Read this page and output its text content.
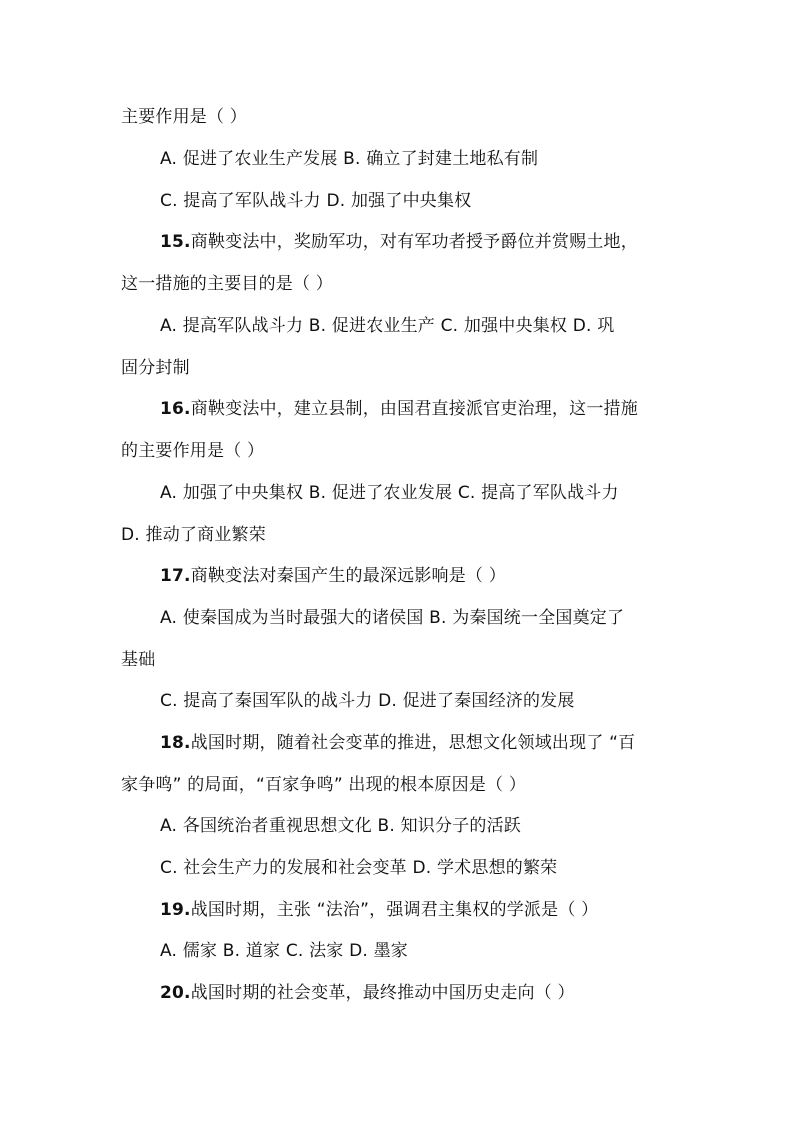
主要作用是（ ）
A. 促进了农业生产发展 B. 确立了封建土地私有制
C. 提高了军队战斗力 D. 加强了中央集权
15.商鞅变法中，奖励军功，对有军功者授予爵位并赏赐土地，
这一措施的主要目的是（ ）
A. 提高军队战斗力 B. 促进农业生产 C. 加强中央集权 D. 巩
固分封制
16.商鞅变法中，建立县制，由国君直接派官吏治理，这一措施
的主要作用是（ ）
A. 加强了中央集权 B. 促进了农业发展 C. 提高了军队战斗力
D. 推动了商业繁荣
17.商鞅变法对秦国产生的最深远影响是（ ）
A. 使秦国成为当时最强大的诸侯国 B. 为秦国统一全国奠定了
基础
C. 提高了秦国军队的战斗力 D. 促进了秦国经济的发展
18.战国时期，随着社会变革的推进，思想文化领域出现了 “百
家争鸣” 的局面，“百家争鸣” 出现的根本原因是（ ）
A. 各国统治者重视思想文化 B. 知识分子的活跃
C. 社会生产力的发展和社会变革 D. 学术思想的繁荣
19.战国时期，主张 “法治”，强调君主集权的学派是（ ）
A. 儒家 B. 道家 C. 法家 D. 墨家
20.战国时期的社会变革，最终推动中国历史走向（ ）
